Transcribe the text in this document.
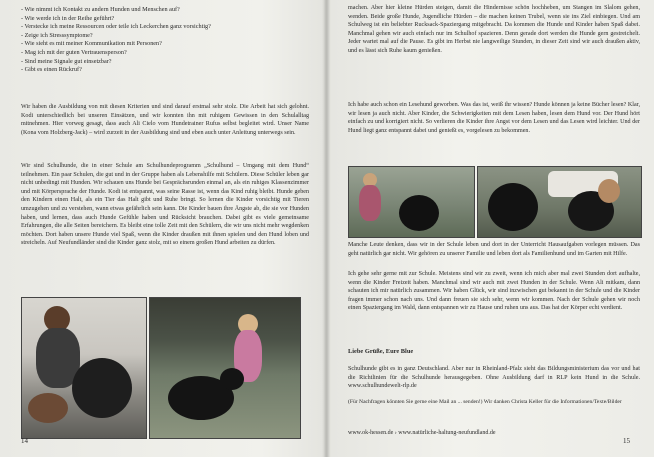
- Wie nimmt ich Kontakt zu andern Hunden und Menschen auf?
- Wie werde ich in der Reihe geführt?
- Verstecke ich meine Ressourcen oder teile ich Leckerchen ganz vorsichtig?
- Zeige ich Stresssymptome?
- Wie sieht es mit meiner Kommunikation mit Personen?
- Mag ich mit der guten Vertrauensperson?
- Sind meine Signale gut einsetzbar?
- Gibt es einen Rückruf?

Wir haben die Ausbildung von mit diesen Kriterien und sind darauf erstmal sehr stolz. Die Arbeit hat sich gelohnt. Kodi unterschiedlich bei unseren Einsätzen, und wir konnten ihn mit ruhigem Gewissen in den Schulalltag mitnehmen. Hier vorweg gesagt, dass auch Ali Cielo vom Hundetrainer Rufus selbst begleitet wird. Unser Name (Kona vom Holzberg-Jack) – wird zurzeit in der Ausbildung sind und eben auch unter Anleitung unterwegs sein.

Wir sind Schulhunde, die in einer Schule am Schulhundeprogramm „Schulhund – Umgang mit dem Hund“ teilnehmen. Ein paar Schulen, die gut und in der Gruppe haben als Lebenshilfe mit Schülern. Diese Schüler leben gar nicht unbedingt mit Hunden. Wir schauen uns Hunde bei Gesprächsrunden einmal an, als ein ruhiges Klassenzimmer und mit Körpersprache der Hunde. Kodi ist entspannt, was seine Rasse ist, wenn das Kind ruhig bleibt. Hunde geben den Kindern einen Halt, als ein Tier das Halt gibt und Ruhe bringt. So lernen die Kinder vorsichtig mit Tieren umzugehen und zu verstehen, wann etwas gefährlich sein kann. Die Kinder bauen ihre Ängste ab, die sie vor Hunden haben, und lernen, dass auch Hunde Gefühle haben und Rücksicht brauchen. Dabei gibt es viele gemeinsame Erfahrungen, die alle Seiten bereichern. Es bleibt eine tolle Zeit mit den Schülern, die wir uns nicht mehr wegdenken möchten. Dort haben unsere Hunde viel Spaß, wenn die Kinder draußen mit ihnen spielen und den Hund loben und streicheln. Auf Neufundländer sind die Kinder ganz stolz, mit so einem großen Hund arbeiten zu dürfen.

14

machen. Aber hier kleine Hürden steigen, damit die Hindernisse schön hochheben, um Stangen im Slalom gehen, wenden. Beide große Hunde, Jugendliche Hürden – die machen keinen Trubel, wenn sie ins Ziel einbiegen. Und am Schulweg ist ein beliebter Rucksack-Spaziergang mitgebracht. Da kommen die Hunde und Kinder haben Spaß dabei. Manchmal gehen wir auch einfach nur im Schulhof spazieren. Denn gerade dort werden die Hunde gern gestreichelt. Jeder wartet mal auf die Pause. Es gibt im Herbst nie langweilige Stunden, in dieser Zeit sind wir auch draußen aktiv, und es lässt sich Ruhe kaum genießen.

Ich habe auch schon ein Lesehund geworben. Was das ist, weiß ihr wissen? Hunde können ja keine Bücher lesen? Klar, wir lesen ja auch nicht. Aber Kinder, die Schwierigkeiten mit dem Lesen haben, lesen dem Hund vor. Der Hund hört einfach zu und korrigiert nicht. So verlieren die Kinder ihre Angst vor dem Lesen und das Lesen wird leichter. Und der Hund liegt ganz entspannt dabei und genießt es, vorgelesen zu bekommen.

Manche Leute denken, dass wir in der Schule leben und dort in der Unterricht Hausaufgaben vorlegen müssen. Das geht natürlich gar nicht. Wir gehören zu unserer Familie und leben dort als Familienhund und im Garten mit Hilfe.

Ich gehe sehr gerne mit zur Schule. Meistens sind wir zu zweit, wenn ich mich aber mal zwei Stunden dort aufhalte, wenn die Kinder Freizeit haben. Manchmal sind wir auch mit zwei Hunden in der Schule. Wenn Ali mitkam, dann schauten ich mir natürlich zusammen. Wir haben Glück, wir sind inzwischen gut bekannt in der Schule und die Kinder fragen immer schon nach uns. Und dann freuen sie sich sehr, wenn wir kommen. Nach der Schule gehen wir noch einen Spaziergang im Wald, dann entspannen wir zu Hause und ruhen uns aus. Das hat der Körper echt verdient.

Liebe Grüße, Eure Blue

Schulhunde gibt es in ganz Deutschland. Aber nur in Rheinland-Pfalz sieht das Bildungsministerium das vor und hat die Richtlinien für die Schulhunde herausgegeben. Ohne Ausbildung darf in RLP kein Hund in die Schule. www.schulhundewelt-rlp.de

(Für Nachfragen könnten Sie gerne eine Mail an ... senden!) Wir danken Christa Keller für die Informationen/Texte/Bilder

www.ok-hessen.de › www.natürliche-haltung-neufundland.de
15
